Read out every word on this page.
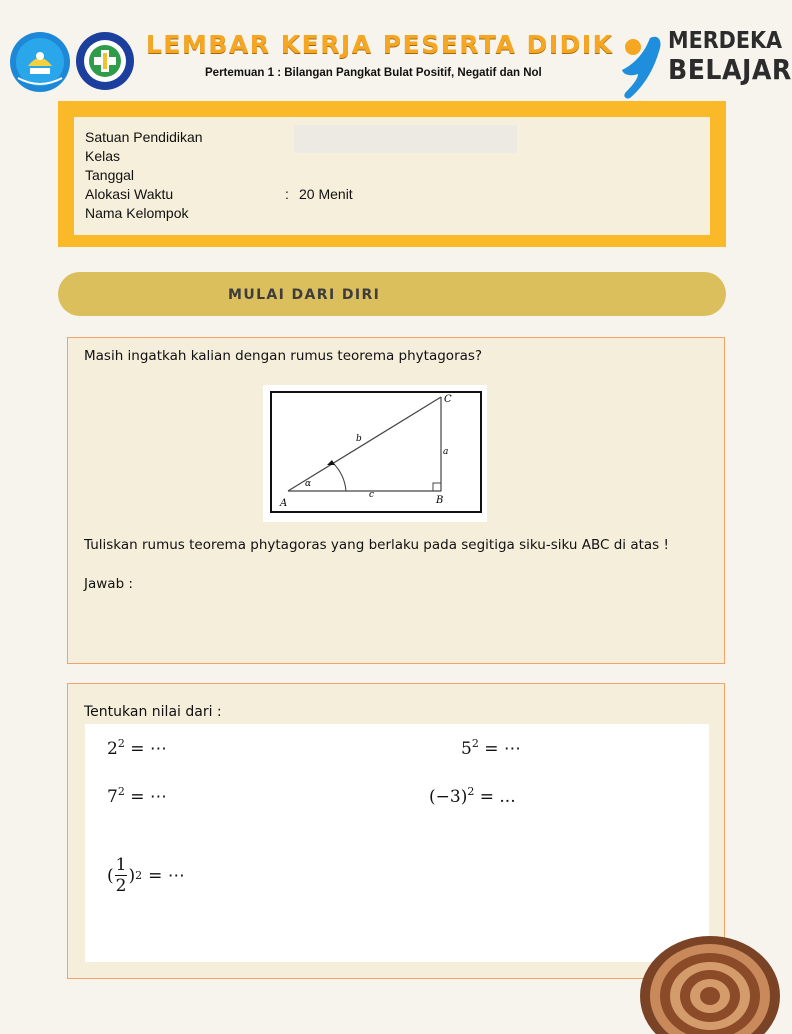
LEMBAR KERJA PESERTA DIDIK
Pertemuan 1 : Bilangan Pangkat Bulat Positif, Negatif dan Nol
MERDEKA
BELAJAR
Satuan Pendidikan
Kelas
Tanggal
Alokasi Waktu	: 20 Menit
Nama Kelompok
MULAI DARI DIRI
Masih ingatkah kalian dengan rumus teorema phytagoras?
A	B
C
a
b
c
α
Tuliskan rumus teorema phytagoras yang berlaku pada segitiga siku-siku ABC di atas !
Jawab :
Tentukan nilai dari :
$2^2$ = ⋯	$5^2$ = ⋯
$7^2$ = ⋯	$(-3)^2$ = ...
( $\frac{1}{2}$ ) 2 = ⋯
